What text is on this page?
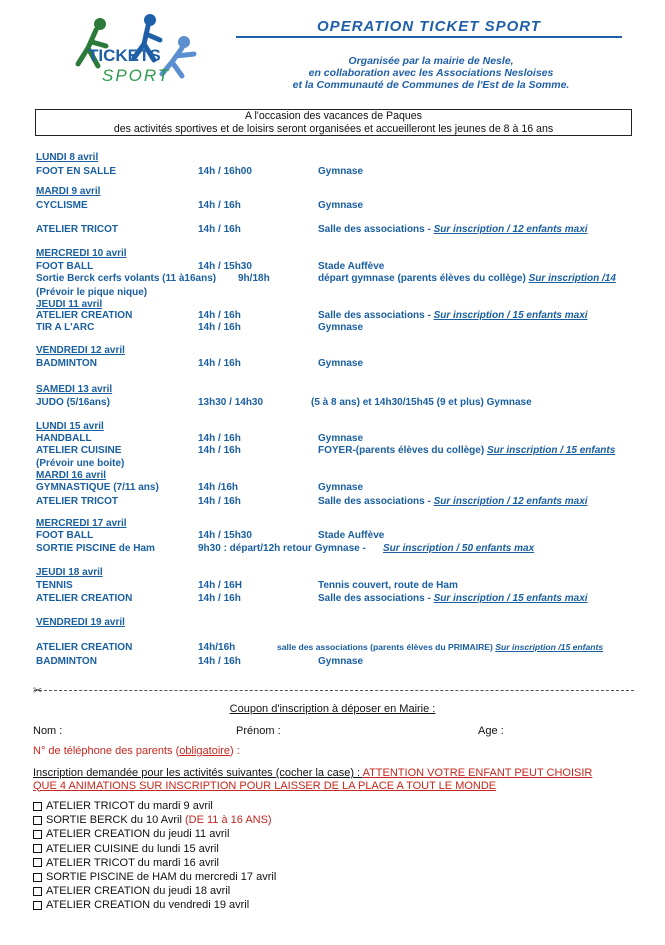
TICKETS
SPORT
OPERATION TICKET SPORT
Organisée par la mairie de Nesle,
en collaboration avec les Associations Nesloises
et la Communauté de Communes de l'Est de la Somme.
A l'occasion des vacances de Paques
des activités sportives et de loisirs seront organisées et accueilleront les jeunes de 8 à 16 ans
LUNDI 8 avril
FOOT EN SALLE	14h / 16h00	Gymnase
MARDI 9 avril
CYCLISME	14h / 16h	Gymnase
ATELIER TRICOT	14h / 16h	Salle des associations - Sur inscription / 12 enfants maxi
MERCREDI 10 avril
FOOT BALL	14h / 15h30	Stade Auffève
Sortie Berck cerfs volants (11 à16ans) 9h/18h	départ gymnase (parents élèves du collège) Sur inscription /14
(Prévoir le pique nique)
JEUDI 11 avril
ATELIER CREATION	14h / 16h	Salle des associations - Sur inscription / 15 enfants maxi
TIR A L'ARC	14h / 16h	Gymnase
VENDREDI 12 avril
BADMINTON	14h / 16h	Gymnase
SAMEDI 13 avril
JUDO (5/16ans)	13h30 / 14h30	(5 à 8 ans) et 14h30/15h45 (9 et plus) Gymnase
LUNDI 15 avril
HANDBALL	14h / 16h	Gymnase
ATELIER CUISINE	14h / 16h	FOYER-(parents élèves du collège) Sur inscription / 15 enfants
(Prévoir une boite)
MARDI 16 avril
GYMNASTIQUE (7/11 ans)	14h /16h	Gymnase
ATELIER TRICOT	14h / 16h	Salle des associations - Sur inscription / 12 enfants maxi
MERCREDI 17 avril
FOOT BALL	14h / 15h30	Stade Auffève
SORTIE PISCINE de Ham	9h30 : départ/12h retour Gymnase - Sur inscription / 50 enfants max
JEUDI 18 avril
TENNIS	14h / 16H	Tennis couvert, route de Ham
ATELIER CREATION	14h / 16h	Salle des associations - Sur inscription / 15 enfants maxi
VENDREDI 19 avril
ATELIER CREATION	14h/16h	salle des associations (parents élèves du PRIMAIRE) Sur inscription /15 enfants
BADMINTON	14h / 16h	Gymnase
✂
Coupon d'inscription à déposer en Mairie :
Nom :	Prénom :	Age :
N° de téléphone des parents (obligatoire) :
Inscription demandée pour les activités suivantes (cocher la case) : ATTENTION VOTRE ENFANT PEUT CHOISIR
QUE 4 ANIMATIONS SUR INSCRIPTION POUR LAISSER DE LA PLACE A TOUT LE MONDE
ATELIER TRICOT du mardi 9 avril
SORTIE BERCK du 10 Avril (DE 11 à 16 ANS)
ATELIER CREATION du jeudi 11 avril
ATELIER CUISINE du lundi 15 avril
ATELIER TRICOT du mardi 16 avril
SORTIE PISCINE de HAM du mercredi 17 avril
ATELIER CREATION du jeudi 18 avril
ATELIER CREATION du vendredi 19 avril
